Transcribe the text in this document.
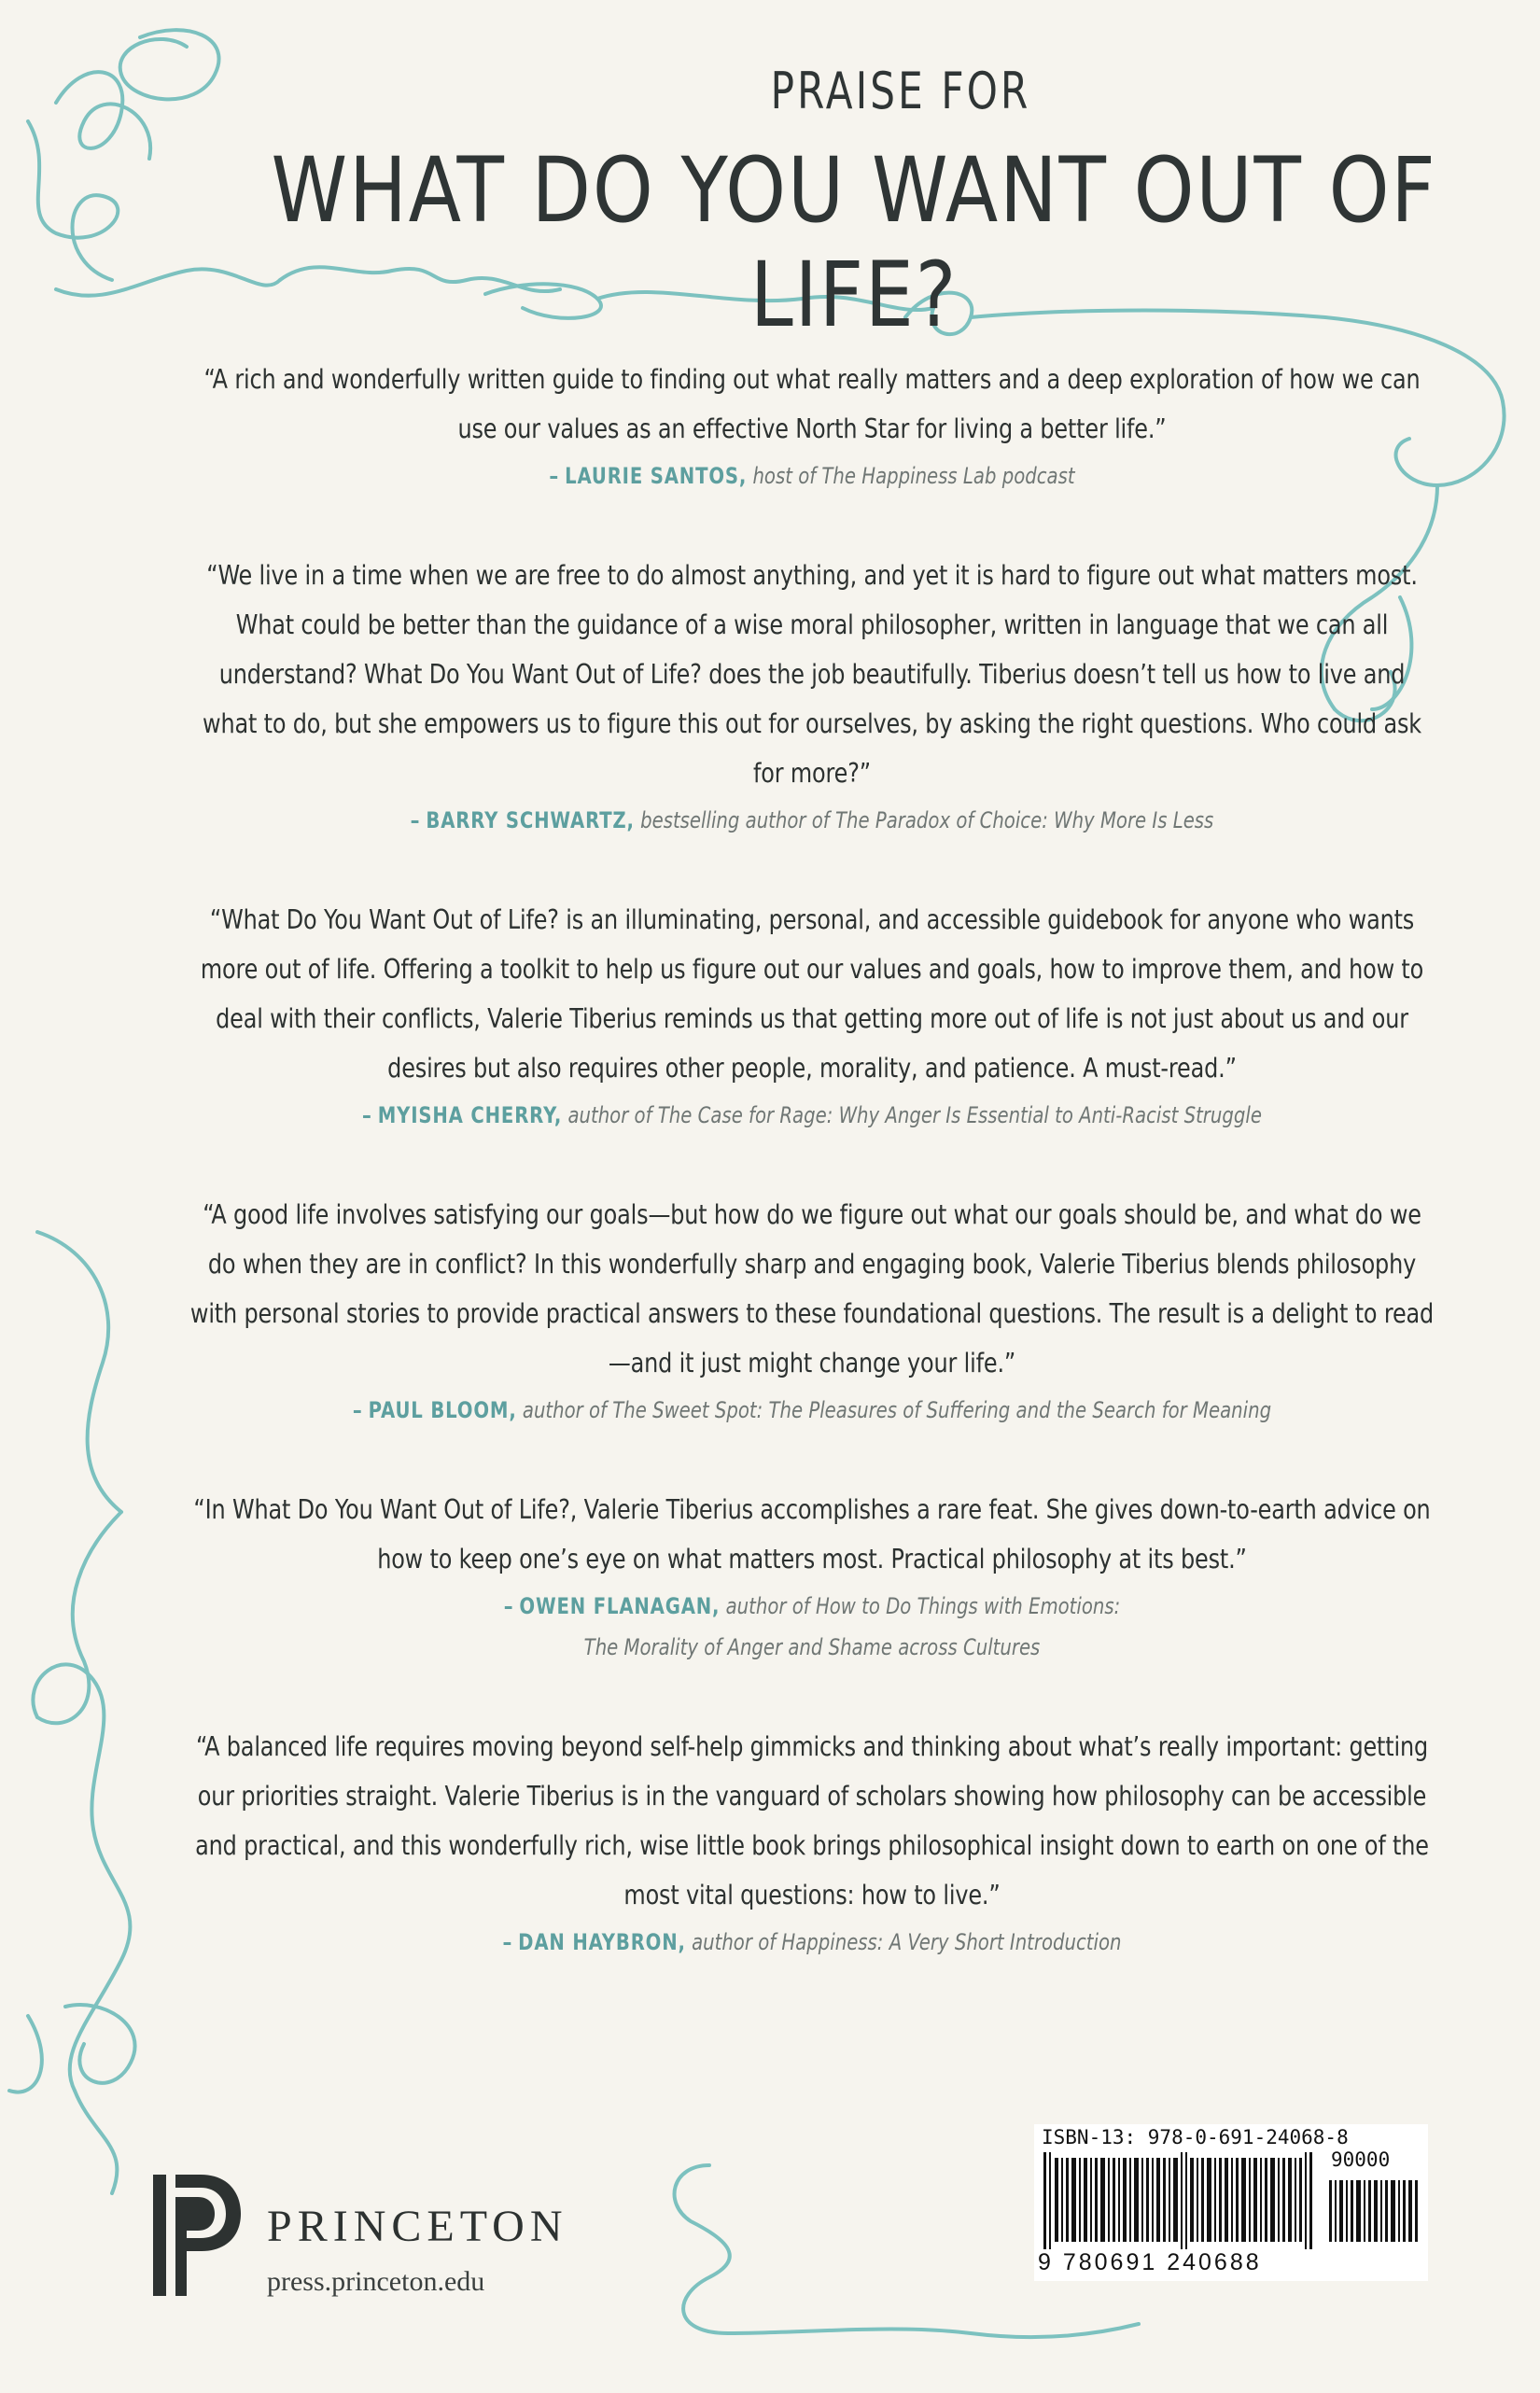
PRAISE FOR
WHAT DO YOU WANT OUT OF LIFE?

“A rich and wonderfully written guide to finding out what really matters and a deep exploration of how we can use our values as an effective North Star for living a better life.”

– LAURIE SANTOS, host of The Happiness Lab podcast

“We live in a time when we are free to do almost anything, and yet it is hard to figure out what matters most. What could be better than the guidance of a wise moral philosopher, written in language that we can all understand? What Do You Want Out of Life? does the job beautifully. Tiberius doesn’t tell us how to live and what to do, but she empowers us to figure this out for ourselves, by asking the right questions. Who could ask for more?”

– BARRY SCHWARTZ, bestselling author of The Paradox of Choice: Why More Is Less

“What Do You Want Out of Life? is an illuminating, personal, and accessible guidebook for anyone who wants more out of life. Offering a toolkit to help us figure out our values and goals, how to improve them, and how to deal with their conflicts, Valerie Tiberius reminds us that getting more out of life is not just about us and our desires but also requires other people, morality, and patience. A must-read.”

– MYISHA CHERRY, author of The Case for Rage: Why Anger Is Essential to Anti-Racist Struggle

“A good life involves satisfying our goals—but how do we figure out what our goals should be, and what do we do when they are in conflict? In this wonderfully sharp and engaging book, Valerie Tiberius blends philosophy with personal stories to provide practical answers to these foundational questions. The result is a delight to read—and it just might change your life.”

– PAUL BLOOM, author of The Sweet Spot: The Pleasures of Suffering and the Search for Meaning

“In What Do You Want Out of Life?, Valerie Tiberius accomplishes a rare feat. She gives down-to-earth advice on how to keep one’s eye on what matters most. Practical philosophy at its best.”

– OWEN FLANAGAN, author of How to Do Things with Emotions:
The Morality of Anger and Shame across Cultures

“A balanced life requires moving beyond self-help gimmicks and thinking about what’s really important: getting our priorities straight. Valerie Tiberius is in the vanguard of scholars showing how philosophy can be accessible and practical, and this wonderfully rich, wise little book brings philosophical insight down to earth on one of the most vital questions: how to live.”

– DAN HAYBRON, author of Happiness: A Very Short Introduction
PRINCETON
press.princeton.edu
ISBN-13: 978-0-691-24068-8
90000
9 780691 240688
